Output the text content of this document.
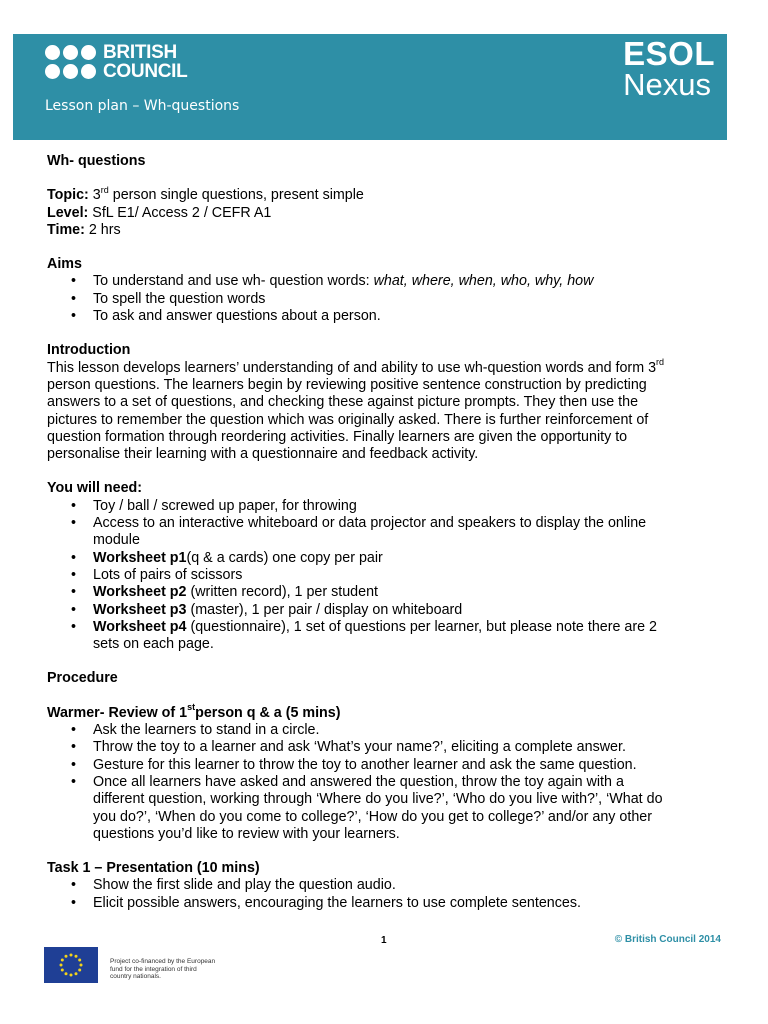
BRITISH
COUNCIL
Lesson plan – Wh-questions
ESOL
Nexus

Wh- questions

Topic: 3rd person single questions, present simple

Level: SfL E1/ Access 2 / CEFR A1

Time: 2 hrs

Aims

• To understand and use wh- question words: what, where, when, who, why, how
• To spell the question words
• To ask and answer questions about a person.

Introduction

This lesson develops learners’ understanding of and ability to use wh-question words and form 3rd

person questions. The learners begin by reviewing positive sentence construction by predicting

answers to a set of questions, and checking these against picture prompts. They then use the

pictures to remember the question which was originally asked. There is further reinforcement of

question formation through reordering activities. Finally learners are given the opportunity to

personalise their learning with a questionnaire and feedback activity.

You will need:

• Toy / ball / screwed up paper, for throwing
• Access to an interactive whiteboard or data projector and speakers to display the online
module
• Worksheet p1(q & a cards) one copy per pair
• Lots of pairs of scissors
• Worksheet p2 (written record), 1 per student
• Worksheet p3 (master), 1 per pair / display on whiteboard
• Worksheet p4 (questionnaire), 1 set of questions per learner, but please note there are 2
sets on each page.

Procedure

Warmer- Review of 1stperson q & a (5 mins)

• Ask the learners to stand in a circle.
• Throw the toy to a learner and ask ‘What’s your name?’, eliciting a complete answer.
• Gesture for this learner to throw the toy to another learner and ask the same question.
• Once all learners have asked and answered the question, throw the toy again with a
different question, working through ‘Where do you live?’, ‘Who do you live with?’, ‘What do
you do?’, ‘When do you come to college?’, ‘How do you get to college?’ and/or any other
questions you’d like to review with your learners.

Task 1 – Presentation (10 mins)

• Show the first slide and play the question audio.
• Elicit possible answers, encouraging the learners to use complete sentences.
1	© British Council 2014
Project co-financed by the European
fund for the integration of third
country nationals.
